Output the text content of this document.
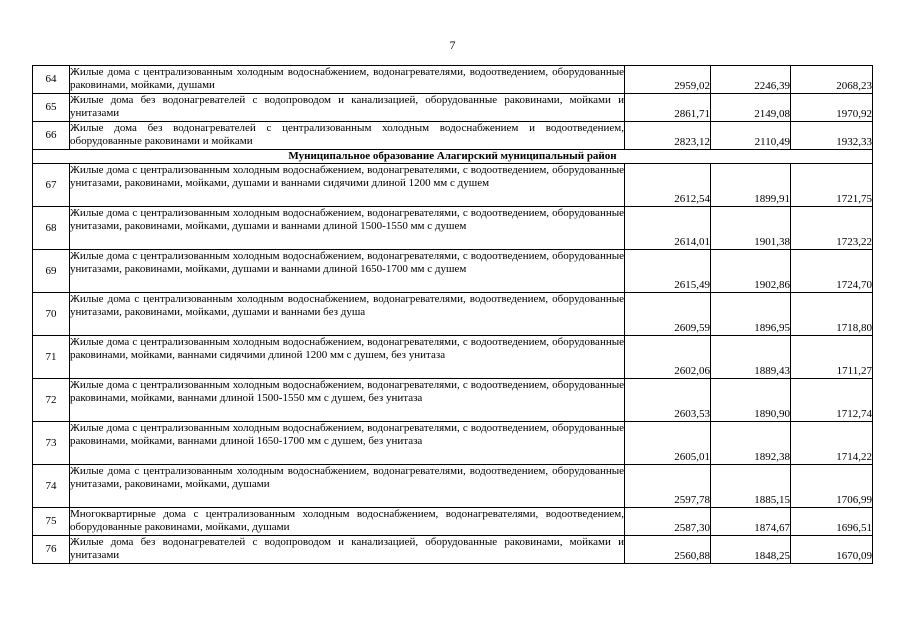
7
64	Жилые дома с централизованным холодным водоснабжением, водонагревателями, водоотведением, оборудованные раковинами, мойками, душами	2959,02	2246,39	2068,23
65	Жилые дома без водонагревателей с водопроводом и канализацией, оборудованные раковинами, мойками и унитазами	2861,71	2149,08	1970,92
66	Жилые дома без водонагревателей с централизованным холодным водоснабжением и водоотведением, оборудованные раковинами и мойками	2823,12	2110,49	1932,33
Муниципальное образование Алагирский муниципальный район				
67	Жилые дома с централизованным холодным водоснабжением, водонагревателями, с водоотведением, оборудованные унитазами, раковинами, мойками, душами и ваннами сидячими длиной 1200 мм с душем	2612,54	1899,91	1721,75
68	Жилые дома с централизованным холодным водоснабжением, водонагревателями, с водоотведением, оборудованные унитазами, раковинами, мойками, душами и ваннами длиной 1500-1550 мм с душем	2614,01	1901,38	1723,22
69	Жилые дома с централизованным холодным водоснабжением, водонагревателями, с водоотведением, оборудованные унитазами, раковинами, мойками, душами и ваннами длиной 1650-1700 мм с душем	2615,49	1902,86	1724,70
70	Жилые дома с централизованным холодным водоснабжением, водонагревателями, водоотведением, оборудованные унитазами, раковинами, мойками, душами и ваннами без душа	2609,59	1896,95	1718,80
71	Жилые дома с централизованным холодным водоснабжением, водонагревателями, с водоотведением, оборудованные раковинами, мойками, ваннами сидячими длиной 1200 мм с душем, без унитаза	2602,06	1889,43	1711,27
72	Жилые дома с централизованным холодным водоснабжением, водонагревателями, с водоотведением, оборудованные раковинами, мойками, ваннами длиной 1500-1550 мм с душем, без унитаза	2603,53	1890,90	1712,74
73	Жилые дома с централизованным холодным водоснабжением, водонагревателями, с водоотведением, оборудованные раковинами, мойками, ваннами длиной 1650-1700 мм с душем, без унитаза	2605,01	1892,38	1714,22
74	Жилые дома с централизованным холодным водоснабжением, водонагревателями, водоотведением, оборудованные унитазами, раковинами, мойками, душами	2597,78	1885,15	1706,99
75	Многоквартирные дома с централизованным холодным водоснабжением, водонагревателями, водоотведением, оборудованные раковинами, мойками, душами	2587,30	1874,67	1696,51
76	Жилые дома без водонагревателей с водопроводом и канализацией, оборудованные раковинами, мойками и унитазами	2560,88	1848,25	1670,09
